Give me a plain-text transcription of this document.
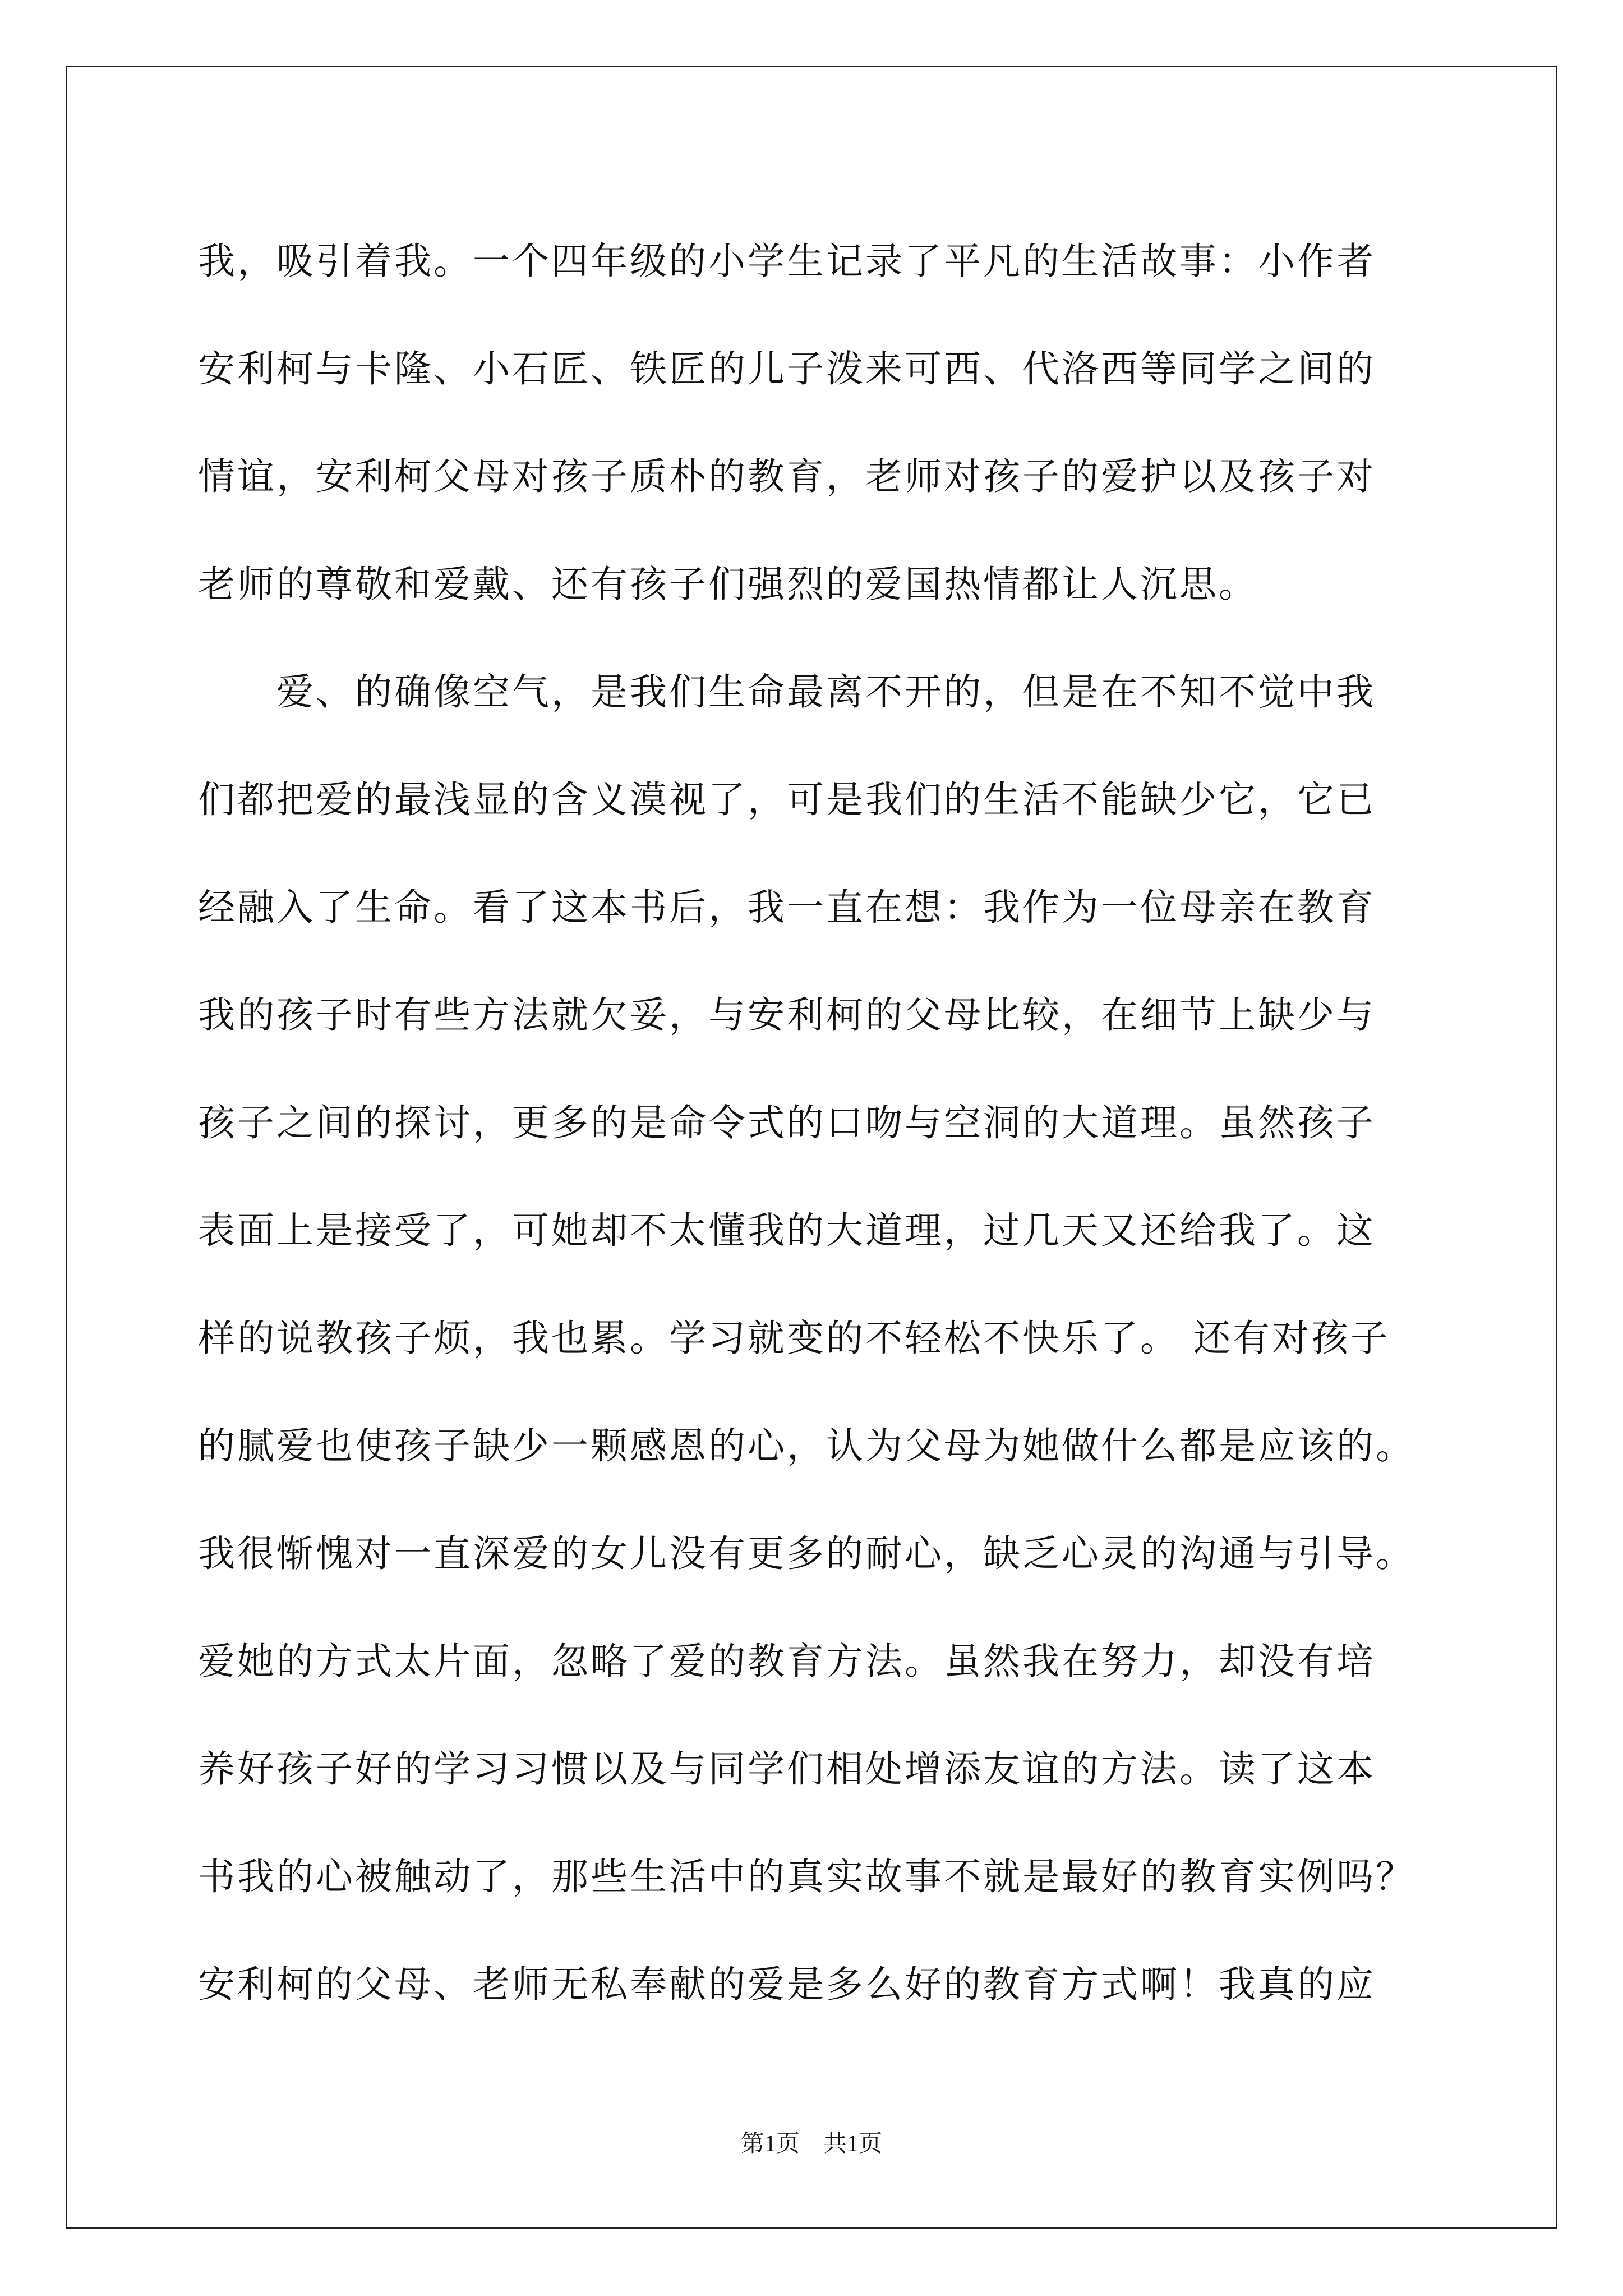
我，吸引着我。一个四年级的小学生记录了平凡的生活故事：小作者
安利柯与卡隆、小石匠、铁匠的儿子泼来可西、代洛西等同学之间的
情谊，安利柯父母对孩子质朴的教育，老师对孩子的爱护以及孩子对
老师的尊敬和爱戴、还有孩子们强烈的爱国热情都让人沉思。
　　爱、的确像空气，是我们生命最离不开的，但是在不知不觉中我
们都把爱的最浅显的含义漠视了，可是我们的生活不能缺少它，它已
经融入了生命。看了这本书后，我一直在想：我作为一位母亲在教育
我的孩子时有些方法就欠妥，与安利柯的父母比较，在细节上缺少与
孩子之间的探讨，更多的是命令式的口吻与空洞的大道理。虽然孩子
表面上是接受了，可她却不太懂我的大道理，过几天又还给我了。这
样的说教孩子烦，我也累。学习就变的不轻松不快乐了。 还有对孩子
的腻爱也使孩子缺少一颗感恩的心，认为父母为她做什么都是应该的。
我很惭愧对一直深爱的女儿没有更多的耐心，缺乏心灵的沟通与引导。
爱她的方式太片面，忽略了爱的教育方法。虽然我在努力，却没有培
养好孩子好的学习习惯以及与同学们相处增添友谊的方法。读了这本
书我的心被触动了，那些生活中的真实故事不就是最好的教育实例吗？
安利柯的父母、老师无私奉献的爱是多么好的教育方式啊！我真的应
第1页　共1页
